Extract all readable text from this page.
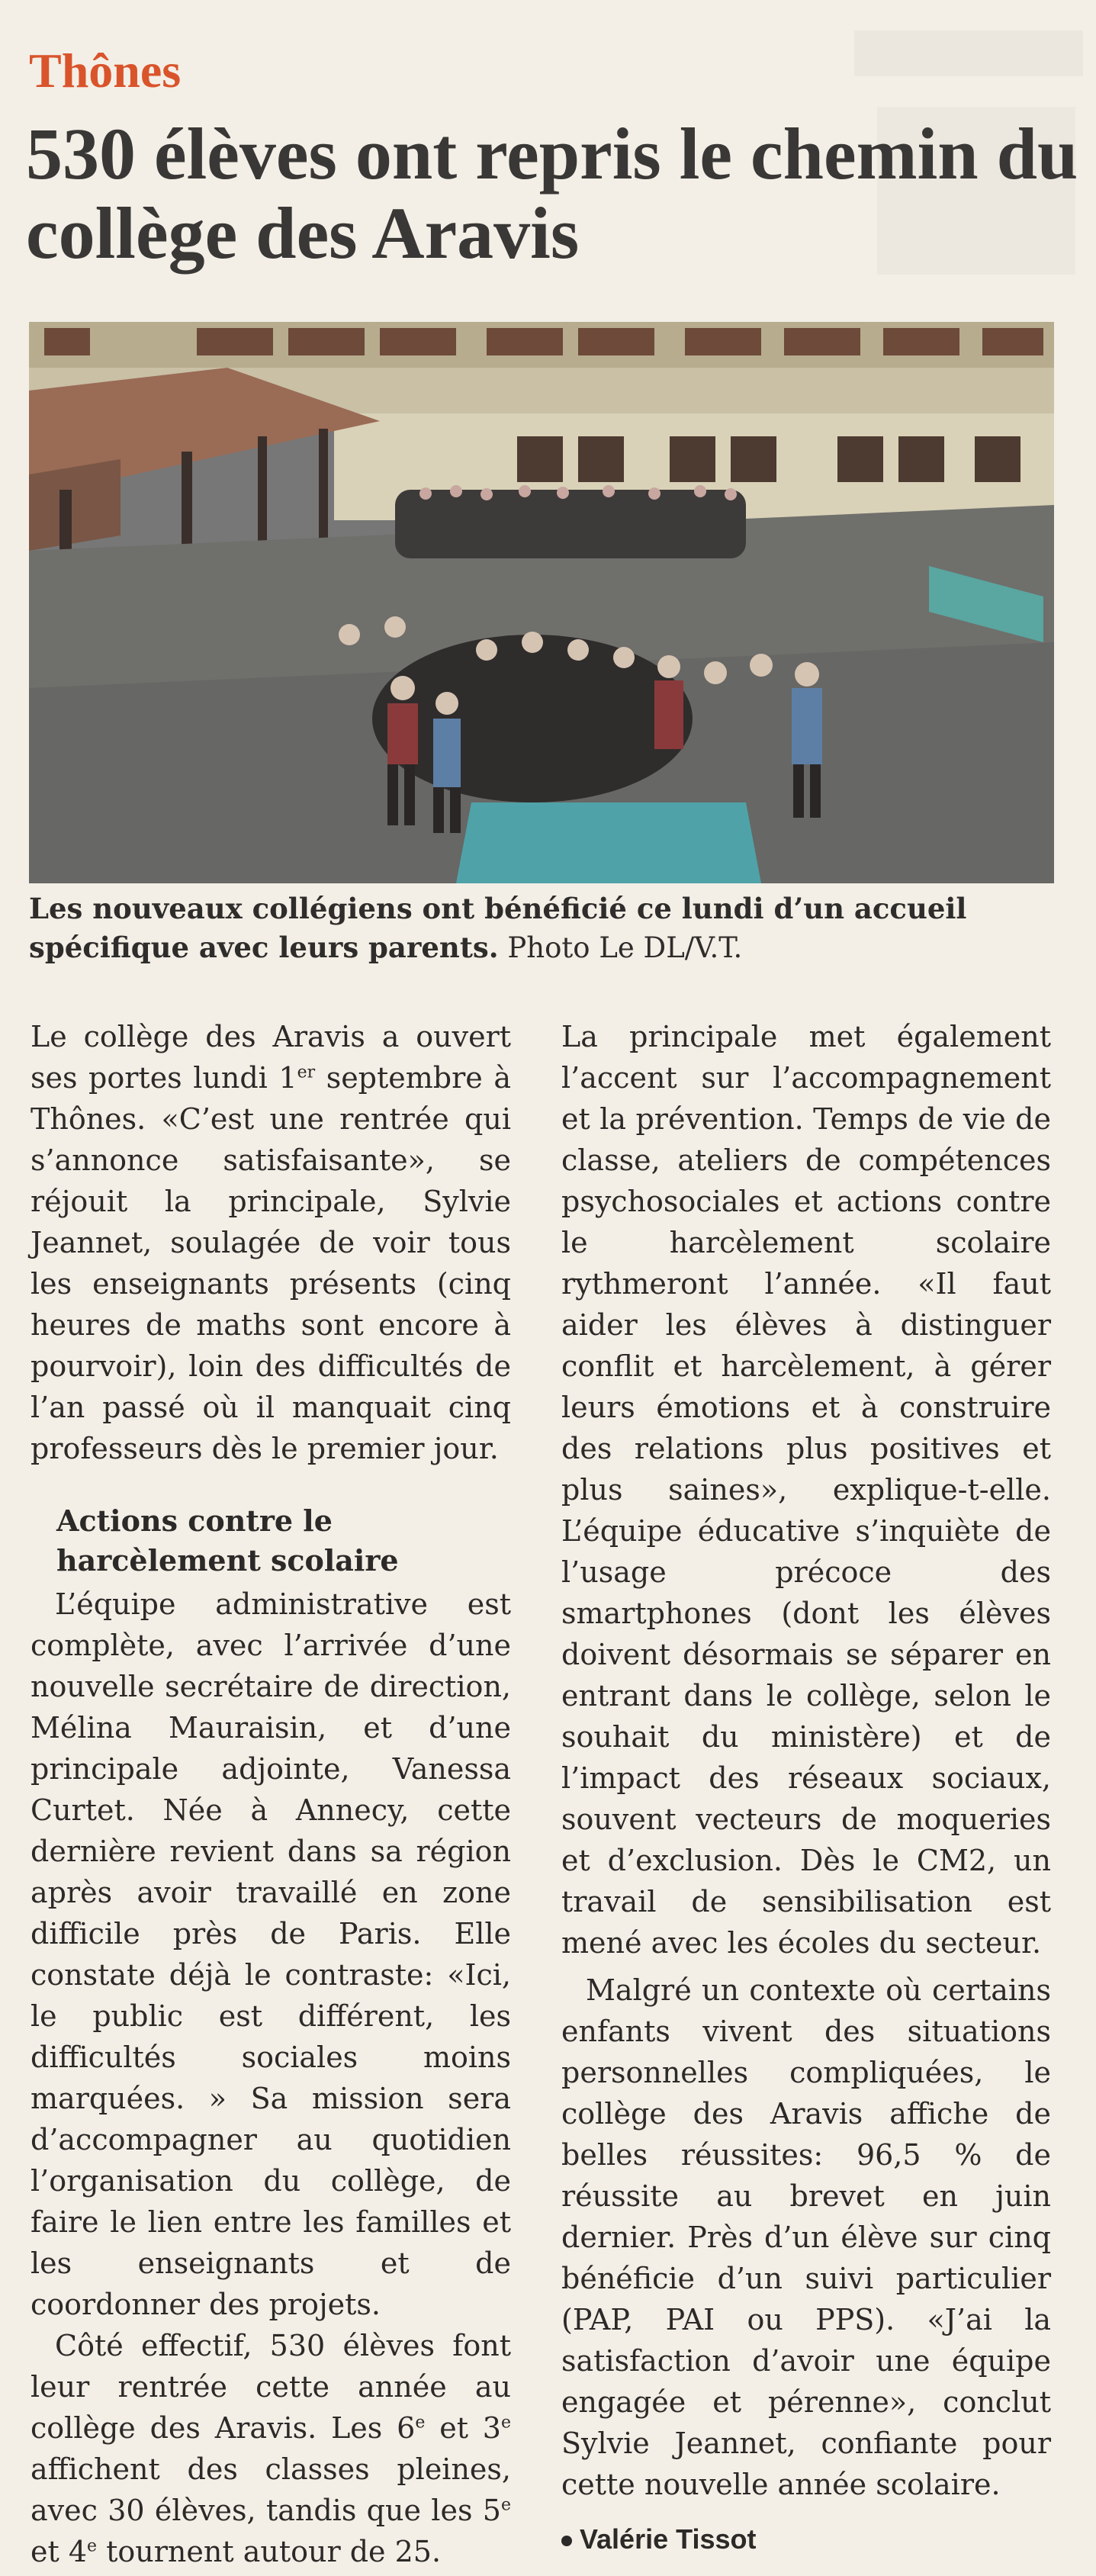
Thônes
530 élèves ont repris le chemin du collège des Aravis
Les nouveaux collégiens ont bénéficié ce lundi d’un accueil spécifique avec leurs parents. Photo Le DL/V.T.

Le collège des Aravis a ouvert ses portes lundi 1er septembre à Thônes. «C’est une rentrée qui s’annonce satisfaisante», se réjouit la principale, Sylvie Jeannet, soulagée de voir tous les enseignants présents (cinq heures de maths sont encore à pourvoir), loin des difficultés de l’an passé où il manquait cinq professeurs dès le premier jour.

Actions contre le harcèlement scolaire

L’équipe administrative est complète, avec l’arrivée d’une nouvelle secrétaire de direction, Mélina Mauraisin, et d’une principale adjointe, Vanessa Curtet. Née à Annecy, cette dernière revient dans sa région après avoir travaillé en zone difficile près de Paris. Elle constate déjà le contraste: «Ici, le public est différent, les difficultés sociales moins marquées. » Sa mission sera d’accompagner au quotidien l’organisation du collège, de faire le lien entre les familles et les enseignants et de coordonner des projets.

Côté effectif, 530 élèves font leur rentrée cette année au collège des Aravis. Les 6e et 3e affichent des classes pleines, avec 30 élèves, tandis que les 5e et 4e tournent autour de 25.

La principale met également l’accent sur l’accompagnement et la prévention. Temps de vie de classe, ateliers de compétences psychosociales et actions contre le harcèlement scolaire rythmeront l’année. «Il faut aider les élèves à distinguer conflit et harcèlement, à gérer leurs émotions et à construire des relations plus positives et plus saines», explique-t-elle. L’équipe éducative s’inquiète de l’usage précoce des smartphones (dont les élèves doivent désormais se séparer en entrant dans le collège, selon le souhait du ministère) et de l’impact des réseaux sociaux, souvent vecteurs de moqueries et d’exclusion. Dès le CM2, un travail de sensibilisation est mené avec les écoles du secteur.

Malgré un contexte où certains enfants vivent des situations personnelles compliquées, le collège des Aravis affiche de belles réussites: 96,5 % de réussite au brevet en juin dernier. Près d’un élève sur cinq bénéficie d’un suivi particulier (PAP, PAI ou PPS). «J’ai la satisfaction d’avoir une équipe engagée et pérenne», conclut Sylvie Jeannet, confiante pour cette nouvelle année scolaire.

Valérie Tissot
